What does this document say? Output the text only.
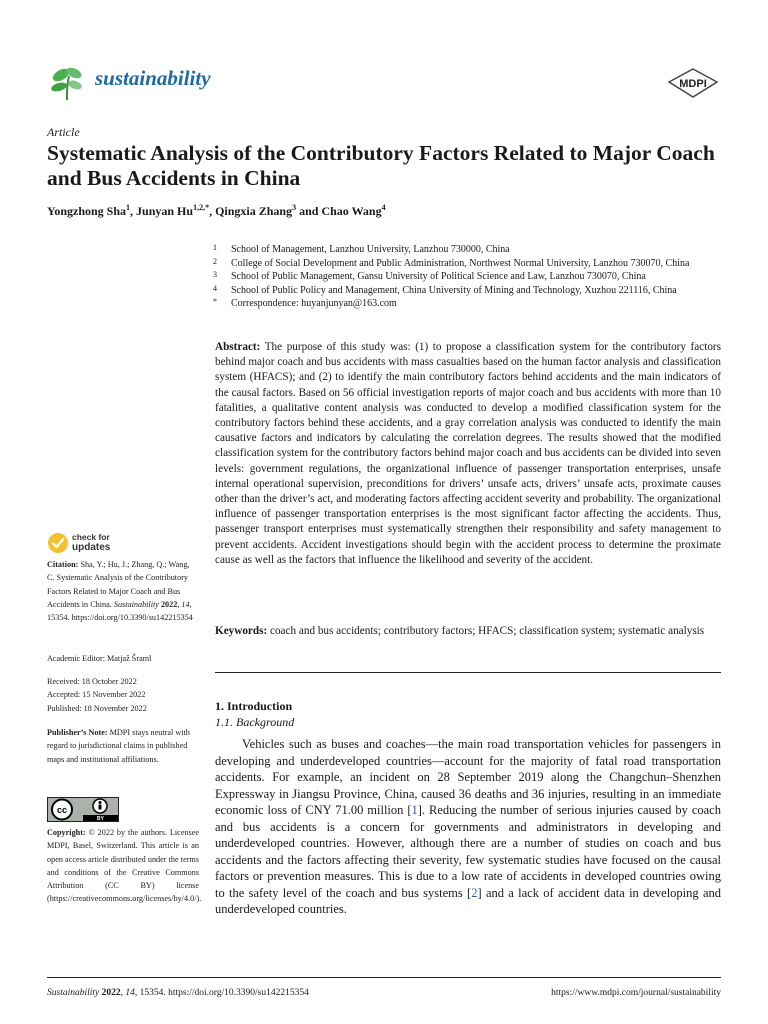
sustainability	MDPI
Article
Systematic Analysis of the Contributory Factors Related to Major Coach and Bus Accidents in China
Yongzhong Sha$^1$, Junyan $Hu^{1,2,*}$, Qingxia Zhang$^3$ and Chao Wang$^4$
1 School of Management, Lanzhou University, Lanzhou 730000, China
2 College of Social Development and Public Administration, Northwest Normal University, Lanzhou 730070, China
3 School of Public Management, Gansu University of Political Science and Law, Lanzhou 730070, China
4 School of Public Policy and Management, China University of Mining and Technology, Xuzhou 221116, China
* Correspondence: huyanjunyan@163.com
Abstract: The purpose of this study was: (1) to propose a classification system for the contributory factors behind major coach and bus accidents with mass casualties based on the human factor analysis and classification system (HFACS); and (2) to identify the main contributory factors behind accidents and the main indicators of the causal factors. Based on 56 official investigation reports of major coach and bus accidents with more than 10 fatalities, a qualitative content analysis was conducted to develop a modified classification system for the contributory factors behind these accidents, and a gray correlation analysis was conducted to identify the main causative factors and indicators by calculating the correlation degrees. The results showed that the modified classification system for the contributory factors behind major coach and bus accidents can be divided into seven levels: government regulations, the organizational influence of passenger transportation enterprises, unsafe internal operational supervision, preconditions for drivers’ unsafe acts, drivers’ unsafe acts, proximate causes other than the driver’s act, and moderating factors affecting accident severity and probability. The organizational influence of passenger transportation enterprises is the most significant factor affecting the accidents. Thus, passenger transport enterprises must systematically strengthen their responsibility and safety management to prevent accidents. Accident investigations should begin with the accident process to determine the proximate cause as well as the factors that influence the likelihood and severity of the accident.
Keywords: coach and bus accidents; contributory factors; HFACS; classification system; systematic analysis
1. Introduction
1.1. Background
Vehicles such as buses and coaches—the main road transportation vehicles for passengers in developing and underdeveloped countries—account for the majority of fatal road transportation accidents. For example, an incident on 28 September 2019 along the Changchun–Shenzhen Expressway in Jiangsu Province, China, caused 36 deaths and 36 injuries, resulting in an immediate economic loss of CNY 71.00 million [1]. Reducing the number of serious injuries caused by coach and bus accidents is a concern for governments and administrators in developing and underdeveloped countries. However, although there are a number of studies on coach and bus accidents and the factors affecting their severity, few systematic studies have focused on the causal factors or prevention measures. This is due to a low rate of accidents in developed countries owing to the safety level of the coach and bus systems [2] and a lack of accident data in developing and underdeveloped countries.
check for
updates
Citation: Sha, Y.; Hu, J.; Zhang, Q.; Wang, C. Systematic Analysis of the Contributory Factors Related to Major Coach and Bus Accidents in China. Sustainability 2022, 14, 15354. https://doi.org/10.3390/su142215354
Academic Editor: Matjaž Šraml
Received: 18 October 2022
Accepted: 15 November 2022
Published: 18 November 2022
Publisher’s Note: MDPI stays neutral with regard to jurisdictional claims in published maps and institutional affiliations.
cc
BY
Copyright: © 2022 by the authors. Licensee MDPI, Basel, Switzerland. This article is an open access article distributed under the terms and conditions of the Creative Commons Attribution (CC BY) license (https://creativecommons.org/licenses/by/4.0/).
Sustainability 2022, 14, 15354. https://doi.org/10.3390/su142215354	https://www.mdpi.com/journal/sustainability
